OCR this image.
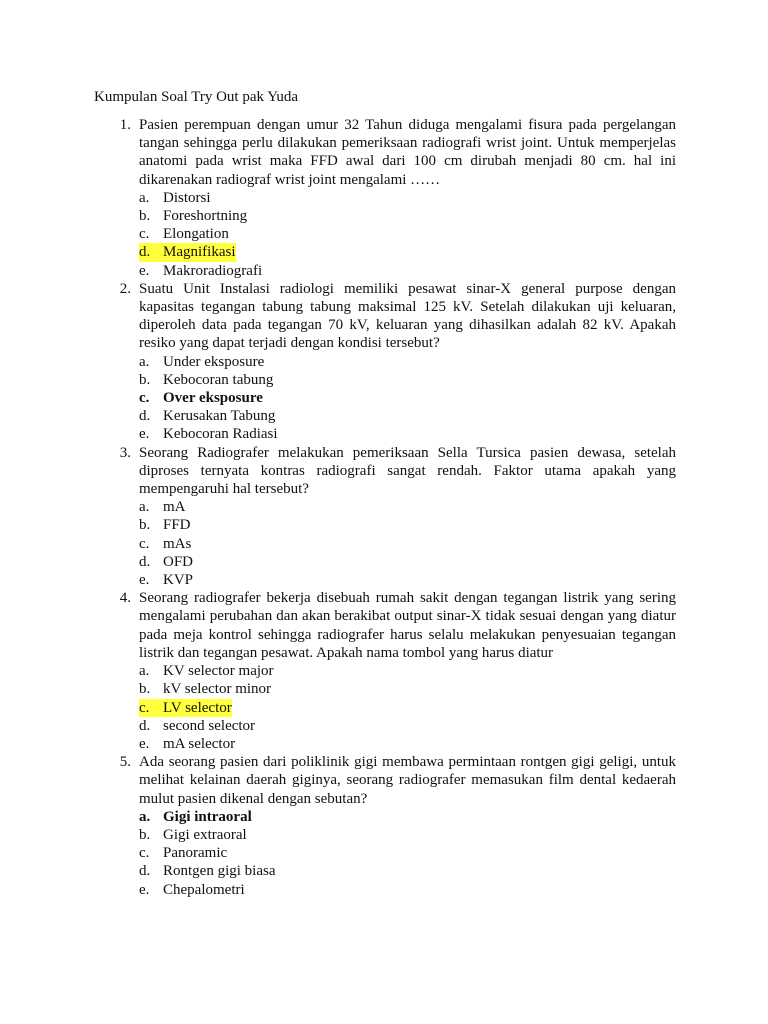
Kumpulan Soal Try Out pak Yuda
1. Pasien perempuan dengan umur 32 Tahun diduga mengalami fisura pada pergelangan tangan sehingga perlu dilakukan pemeriksaan radiografi wrist joint. Untuk memperjelas anatomi pada wrist maka FFD awal dari 100 cm dirubah menjadi 80 cm. hal ini dikarenakan radiograf wrist joint mengalami ……
a. Distorsi
b. Foreshortning
c. Elongation
d. Magnifikasi
e. Makroradiografi
2. Suatu Unit Instalasi radiologi memiliki pesawat sinar-X general purpose dengan kapasitas tegangan tabung tabung maksimal 125 kV. Setelah dilakukan uji keluaran, diperoleh data pada tegangan 70 kV, keluaran yang dihasilkan adalah 82 kV. Apakah resiko yang dapat terjadi dengan kondisi tersebut?
a. Under eksposure
b. Kebocoran tabung
c. Over eksposure
d. Kerusakan Tabung
e. Kebocoran Radiasi
3. Seorang Radiografer melakukan pemeriksaan Sella Tursica pasien dewasa, setelah diproses ternyata kontras radiografi sangat rendah. Faktor utama apakah yang mempengaruhi hal tersebut?
a. mA
b. FFD
c. mAs
d. OFD
e. KVP
4. Seorang radiografer bekerja disebuah rumah sakit dengan tegangan listrik yang sering mengalami perubahan dan akan berakibat output sinar-X tidak sesuai dengan yang diatur pada meja kontrol sehingga radiografer harus selalu melakukan penyesuaian tegangan listrik dan tegangan pesawat. Apakah nama tombol yang harus diatur
a. KV selector major
b. kV selector minor
c. LV selector
d. second selector
e. mA selector
5. Ada seorang pasien dari poliklinik gigi membawa permintaan rontgen gigi geligi, untuk melihat kelainan daerah giginya, seorang radiografer memasukan film dental kedaerah mulut pasien dikenal dengan sebutan?
a. Gigi intraoral
b. Gigi extraoral
c. Panoramic
d. Rontgen gigi biasa
e. Chepalometri
